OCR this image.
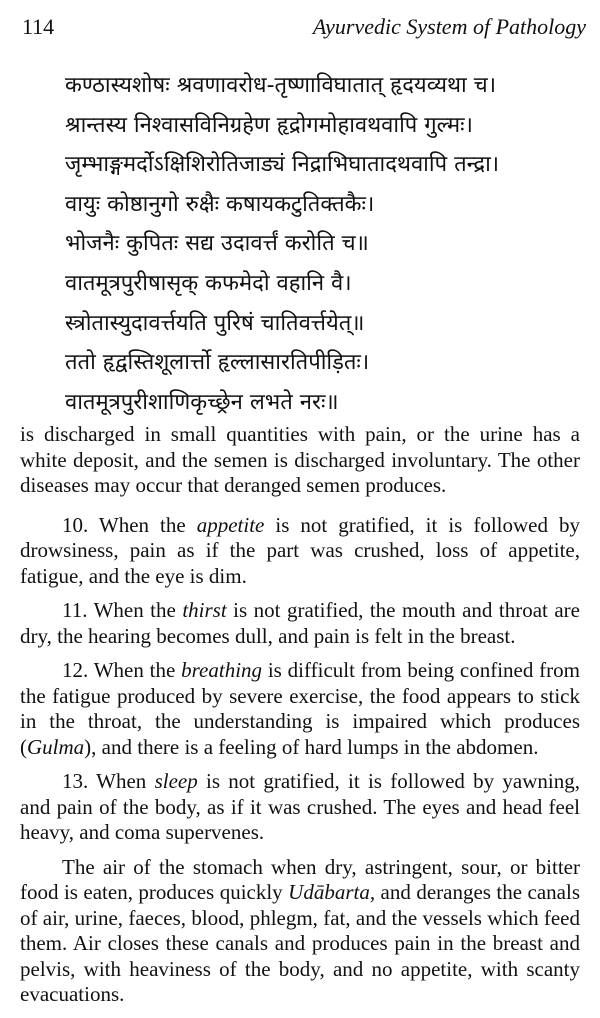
114	Ayurvedic System of Pathology
कण्ठास्यशोषः श्रवणावरोध-तृष्णाविघातात् हृदयव्यथा च।
श्रान्तस्य निश्वासविनिग्रहेण हृद्रोगमोहावथवापि गुल्मः।
जृम्भाङ्गमर्दोऽक्षिशिरोतिजाड्यं निद्राभिघातादथवापि तन्द्रा।
वायुः कोष्ठानुगो रुक्षैः कषायकटुतिक्तकैः।
भोजनैः कुपितः सद्य उदावर्त्तं करोति च॥
वातमूत्रपुरीषासृक् कफमेदो वहानि वै।
स्त्रोतास्युदावर्त्तयति पुरिषं चातिवर्त्तयेत्॥
ततो हृद्वस्तिशूलार्त्तो हृल्लासारतिपीड़ितः।
वातमूत्रपुरीशाणिकृच्छ्रेन लभते नरः॥

is discharged in small quantities with pain, or the urine has a white deposit, and the semen is discharged involuntary. The other diseases may occur that deranged semen produces.

10. When the appetite is not gratified, it is followed by drowsiness, pain as if the part was crushed, loss of appetite, fatigue, and the eye is dim.

11. When the thirst is not gratified, the mouth and throat are dry, the hearing becomes dull, and pain is felt in the breast.

12. When the breathing is difficult from being confined from the fatigue produced by severe exercise, the food appears to stick in the throat, the understanding is impaired which produces (Gulma), and there is a feeling of hard lumps in the abdomen.

13. When sleep is not gratified, it is followed by yawning, and pain of the body, as if it was crushed. The eyes and head feel heavy, and coma supervenes.

The air of the stomach when dry, astringent, sour, or bitter food is eaten, produces quickly Udābarta, and deranges the canals of air, urine, faeces, blood, phlegm, fat, and the vessels which feed them. Air closes these canals and produces pain in the breast and pelvis, with heaviness of the body, and no appetite, with scanty evacuations.
